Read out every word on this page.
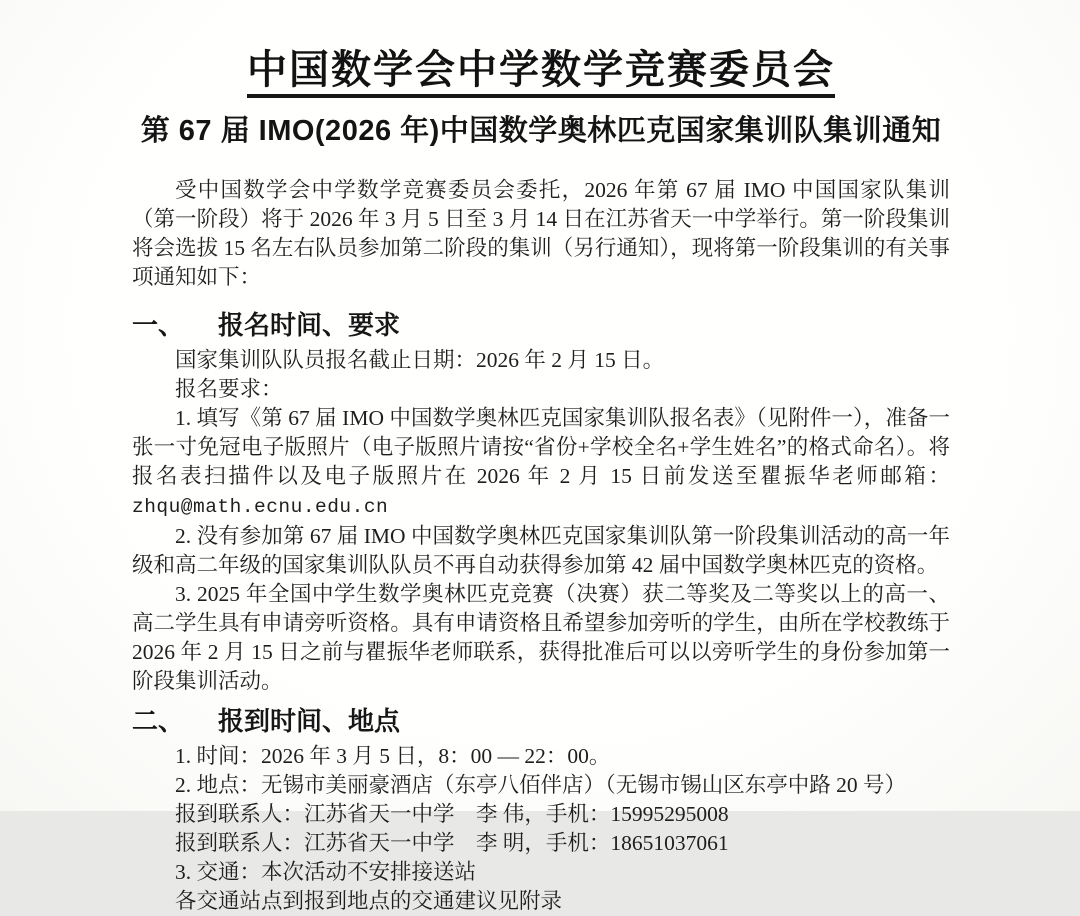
中国数学会中学数学竞赛委员会
第 67 届 IMO(2026 年)中国数学奥林匹克国家集训队集训通知

受中国数学会中学数学竞赛委员会委托，2026 年第 67 届 IMO 中国国家队集训（第一阶段）将于 2026 年 3 月 5 日至 3 月 14 日在江苏省天一中学举行。第一阶段集训将会选拔 15 名左右队员参加第二阶段的集训（另行通知），现将第一阶段集训的有关事项通知如下：

一、 报名时间、要求

国家集训队队员报名截止日期：2026 年 2 月 15 日。

报名要求：

1. 填写《第 67 届 IMO 中国数学奥林匹克国家集训队报名表》（见附件一），准备一张一寸免冠电子版照片（电子版照片请按“省份+学校全名+学生姓名”的格式命名）。将报名表扫描件以及电子版照片在 2026 年 2 月 15 日前发送至瞿振华老师邮箱：zhqu@math.ecnu.edu.cn

2. 没有参加第 67 届 IMO 中国数学奥林匹克国家集训队第一阶段集训活动的高一年级和高二年级的国家集训队队员不再自动获得参加第 42 届中国数学奥林匹克的资格。

3. 2025 年全国中学生数学奥林匹克竞赛（决赛）获二等奖及二等奖以上的高一、高二学生具有申请旁听资格。具有申请资格且希望参加旁听的学生，由所在学校教练于 2026 年 2 月 15 日之前与瞿振华老师联系，获得批准后可以以旁听学生的身份参加第一阶段集训活动。

二、 报到时间、地点

1. 时间：2026 年 3 月 5 日，8：00 — 22：00。

2. 地点：无锡市美丽豪酒店（东亭八佰伴店）（无锡市锡山区东亭中路 20 号）

报到联系人：江苏省天一中学　李 伟，手机：15995295008

报到联系人：江苏省天一中学　李 明，手机：18651037061

3. 交通：本次活动不安排接送站

各交通站点到报到地点的交通建议见附录
